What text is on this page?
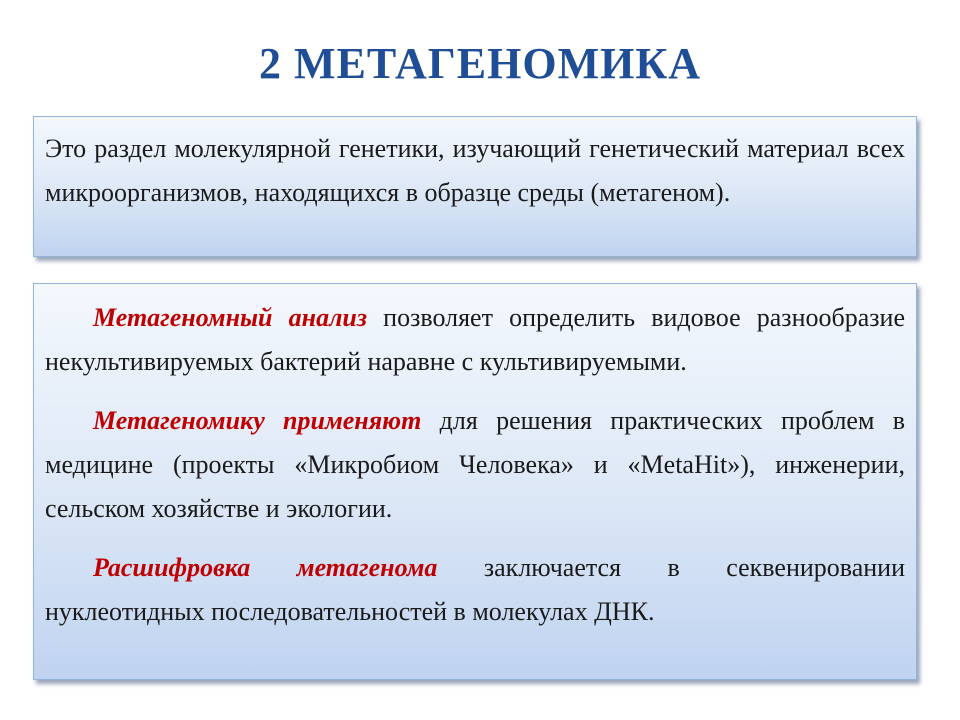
2 МЕТАГЕНОМИКА

Это раздел молекулярной генетики, изучающий генетический материал всех микроорганизмов, находящихся в образце среды (метагеном).

Метагеномный анализ позволяет определить видовое разнообразие некультивируемых бактерий наравне с культивируемыми.

Метагеномику применяют для решения практических проблем в медицине (проекты «Микробиом Человека» и «MetaHit»), инженерии, сельском хозяйстве и экологии.

Расшифровка метагенома заключается в секвенировании нуклеотидных последовательностей в молекулах ДНК.
